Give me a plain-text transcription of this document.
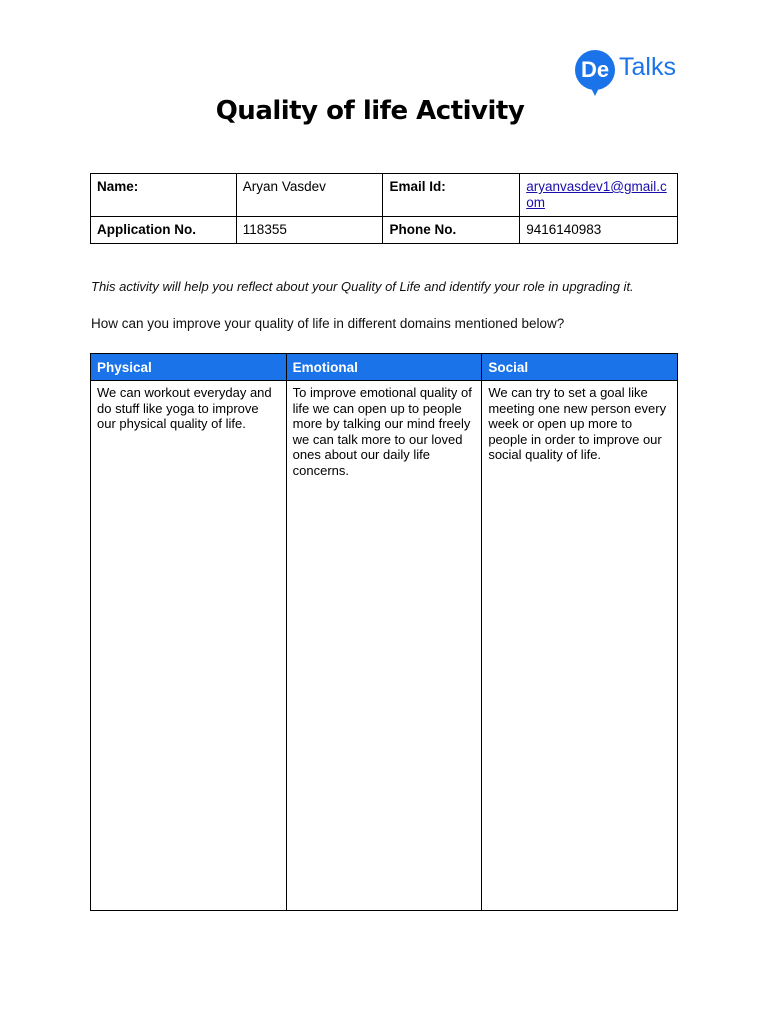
De Talks
Quality of life Activity
Name:	Aryan Vasdev	Email Id:	aryanvasdev1@gmail.com
Application No.	118355	Phone No.	9416140983
This activity will help you reflect about your Quality of Life and identify your role in upgrading it.
How can you improve your quality of life in different domains mentioned below?
Physical	Emotional	Social
We can workout everyday and do stuff like yoga to improve our physical quality of life.	To improve emotional quality of life we can open up to people more by talking our mind freely we can talk more to our loved ones about our daily life concerns.	We can try to set a goal like meeting one new person every week or open up more to people in order to improve our social quality of life.
